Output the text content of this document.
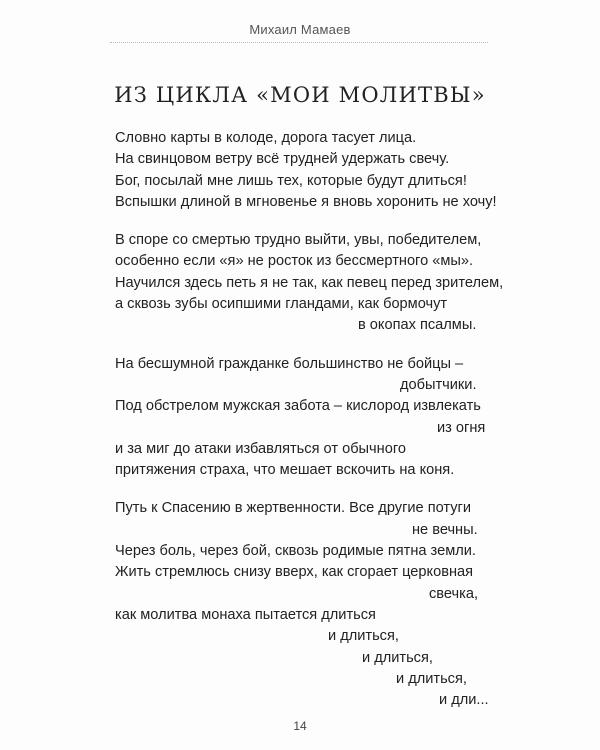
Михаил Мамаев
ИЗ ЦИКЛА «МОИ МОЛИТВЫ»
Словно карты в колоде, дорога тасует лица.
На свинцовом ветру всё трудней удержать свечу.
Бог, посылай мне лишь тех, которые будут длиться!
Вспышки длиной в мгновенье я вновь хоронить не хочу!
В споре со смертью трудно выйти, увы, победителем,
особенно если «я» не росток из бессмертного «мы».
Научился здесь петь я не так, как певец перед зрителем,
а сквозь зубы осипшими гландами, как бормочут
в окопах псалмы.
На бесшумной гражданке большинство не бойцы –
добытчики.
Под обстрелом мужская забота – кислород извлекать
из огня
и за миг до атаки избавляться от обычного
притяжения страха, что мешает вскочить на коня.
Путь к Спасению в жертвенности. Все другие потуги
не вечны.
Через боль, через бой, сквозь родимые пятна земли.
Жить стремлюсь снизу вверх, как сгорает церковная
свечка,
как молитва монаха пытается длиться
и длиться,
и длиться,
и длиться,
и дли...
14
